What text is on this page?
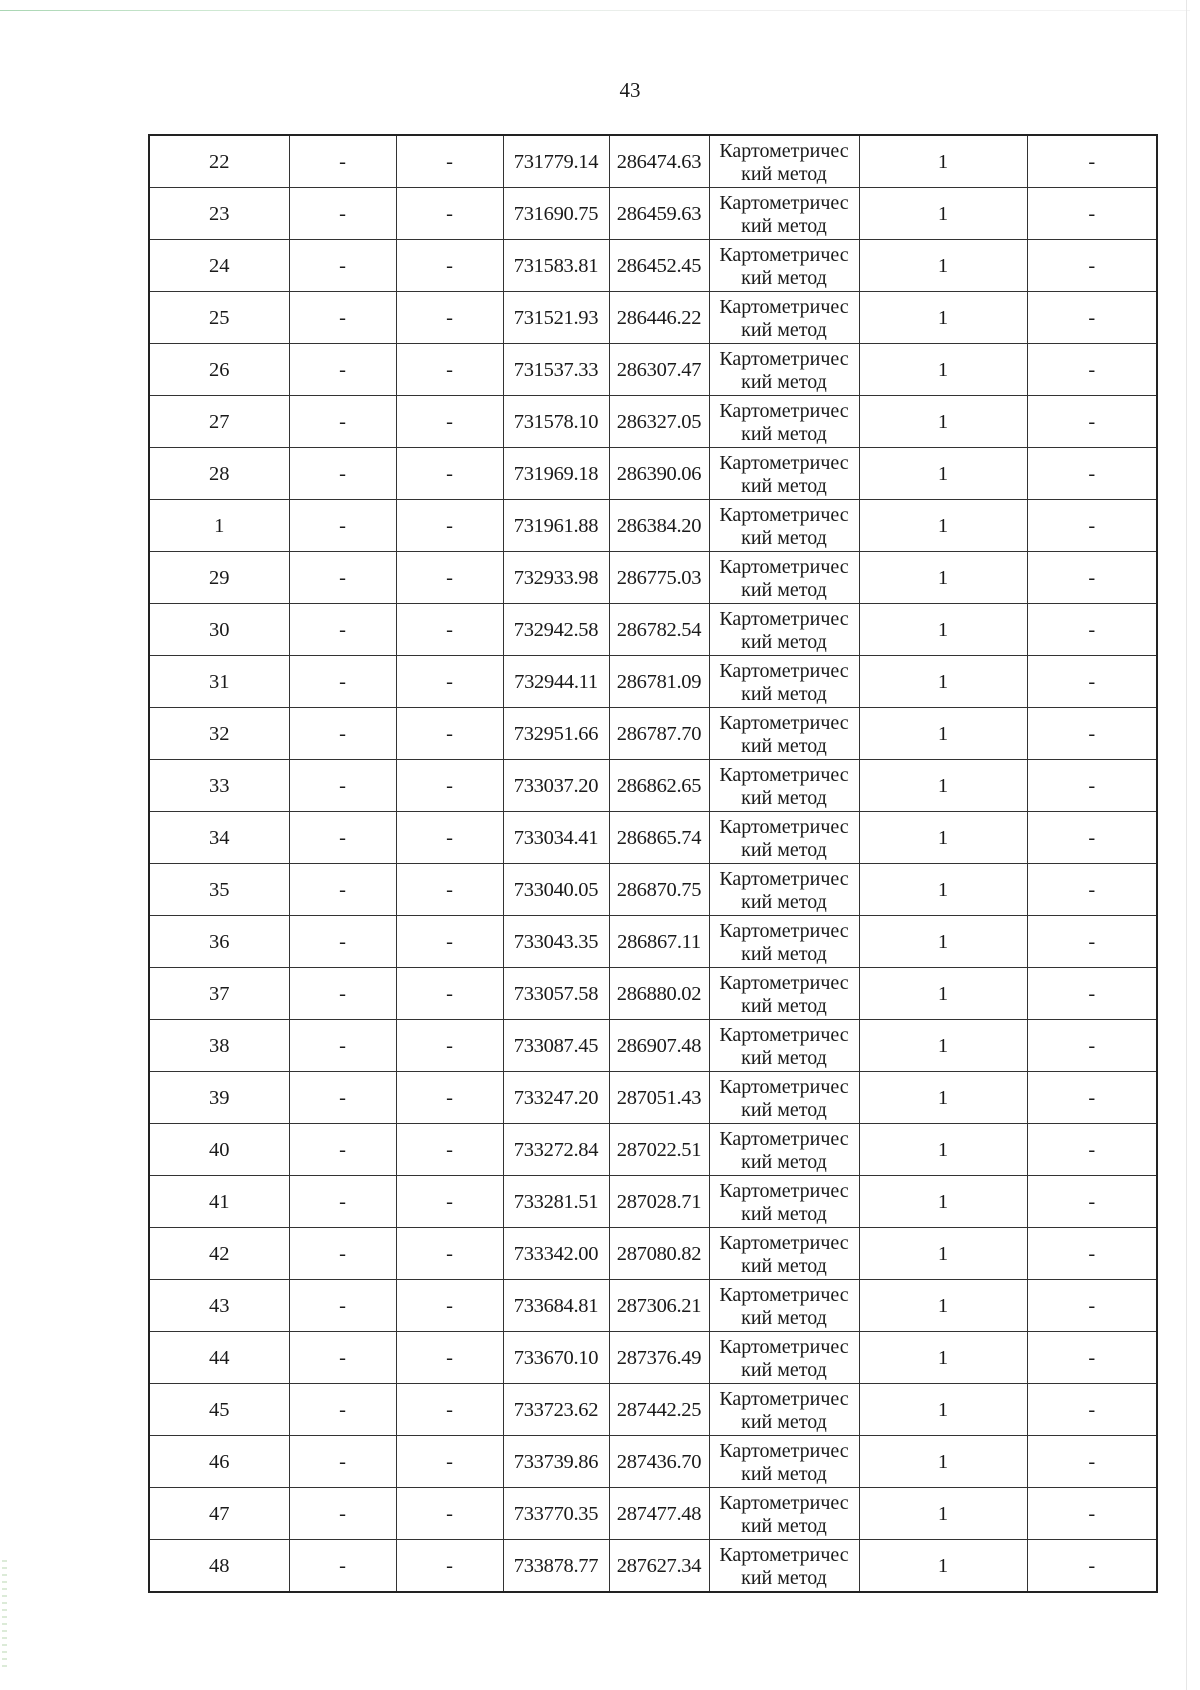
43
22	-	-	731779.14	286474.63	Картометричес
кий метод	1	-
23	-	-	731690.75	286459.63	Картометричес
кий метод	1	-
24	-	-	731583.81	286452.45	Картометричес
кий метод	1	-
25	-	-	731521.93	286446.22	Картометричес
кий метод	1	-
26	-	-	731537.33	286307.47	Картометричес
кий метод	1	-
27	-	-	731578.10	286327.05	Картометричес
кий метод	1	-
28	-	-	731969.18	286390.06	Картометричес
кий метод	1	-
1	-	-	731961.88	286384.20	Картометричес
кий метод	1	-
29	-	-	732933.98	286775.03	Картометричес
кий метод	1	-
30	-	-	732942.58	286782.54	Картометричес
кий метод	1	-
31	-	-	732944.11	286781.09	Картометричес
кий метод	1	-
32	-	-	732951.66	286787.70	Картометричес
кий метод	1	-
33	-	-	733037.20	286862.65	Картометричес
кий метод	1	-
34	-	-	733034.41	286865.74	Картометричес
кий метод	1	-
35	-	-	733040.05	286870.75	Картометричес
кий метод	1	-
36	-	-	733043.35	286867.11	Картометричес
кий метод	1	-
37	-	-	733057.58	286880.02	Картометричес
кий метод	1	-
38	-	-	733087.45	286907.48	Картометричес
кий метод	1	-
39	-	-	733247.20	287051.43	Картометричес
кий метод	1	-
40	-	-	733272.84	287022.51	Картометричес
кий метод	1	-
41	-	-	733281.51	287028.71	Картометричес
кий метод	1	-
42	-	-	733342.00	287080.82	Картометричес
кий метод	1	-
43	-	-	733684.81	287306.21	Картометричес
кий метод	1	-
44	-	-	733670.10	287376.49	Картометричес
кий метод	1	-
45	-	-	733723.62	287442.25	Картометричес
кий метод	1	-
46	-	-	733739.86	287436.70	Картометричес
кий метод	1	-
47	-	-	733770.35	287477.48	Картометричес
кий метод	1	-
48	-	-	733878.77	287627.34	Картометричес
кий метод	1	-
